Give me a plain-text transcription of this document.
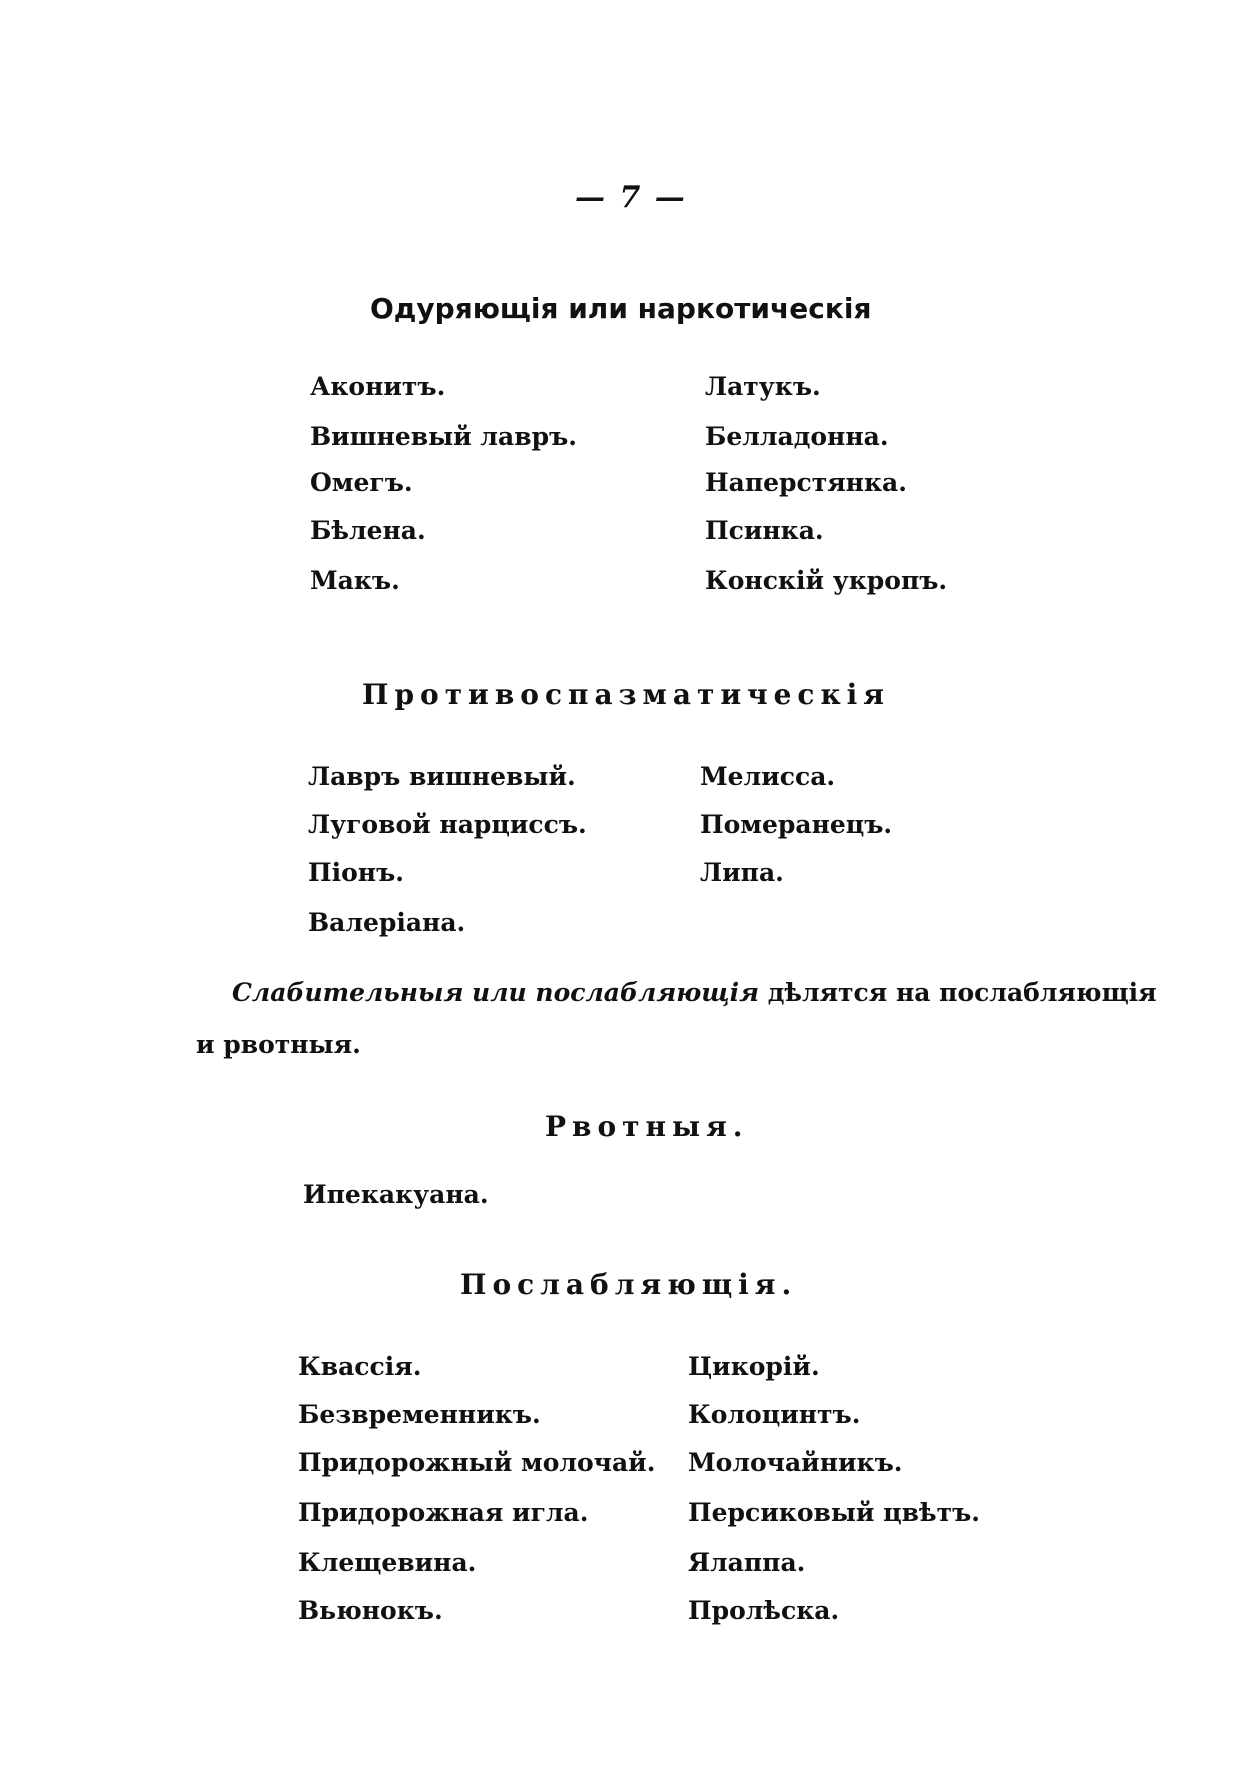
— 7 —
Одуряющія или наркотическія
Аконитъ.
Вишневый лавръ.
Омегъ.
Бѣлена.
Макъ.
Латукъ.
Белладонна.
Наперстянка.
Псинка.
Конскій укропъ.
Противоспазматическія
Лавръ вишневый.
Луговой нарциссъ.
Піонъ.
Валеріана.
Мелисса.
Померанецъ.
Липа.
Слабительныя или послабляющія дѣлятся на послабляющія
и рвотныя.
Рвотныя.
Ипекакуана.
Послабляющія.
Квассія.
Безвременникъ.
Придорожный молочай.
Придорожная игла.
Клещевина.
Вьюнокъ.
Цикорій.
Колоцинтъ.
Молочайникъ.
Персиковый цвѣтъ.
Ялаппа.
Пролѣска.
